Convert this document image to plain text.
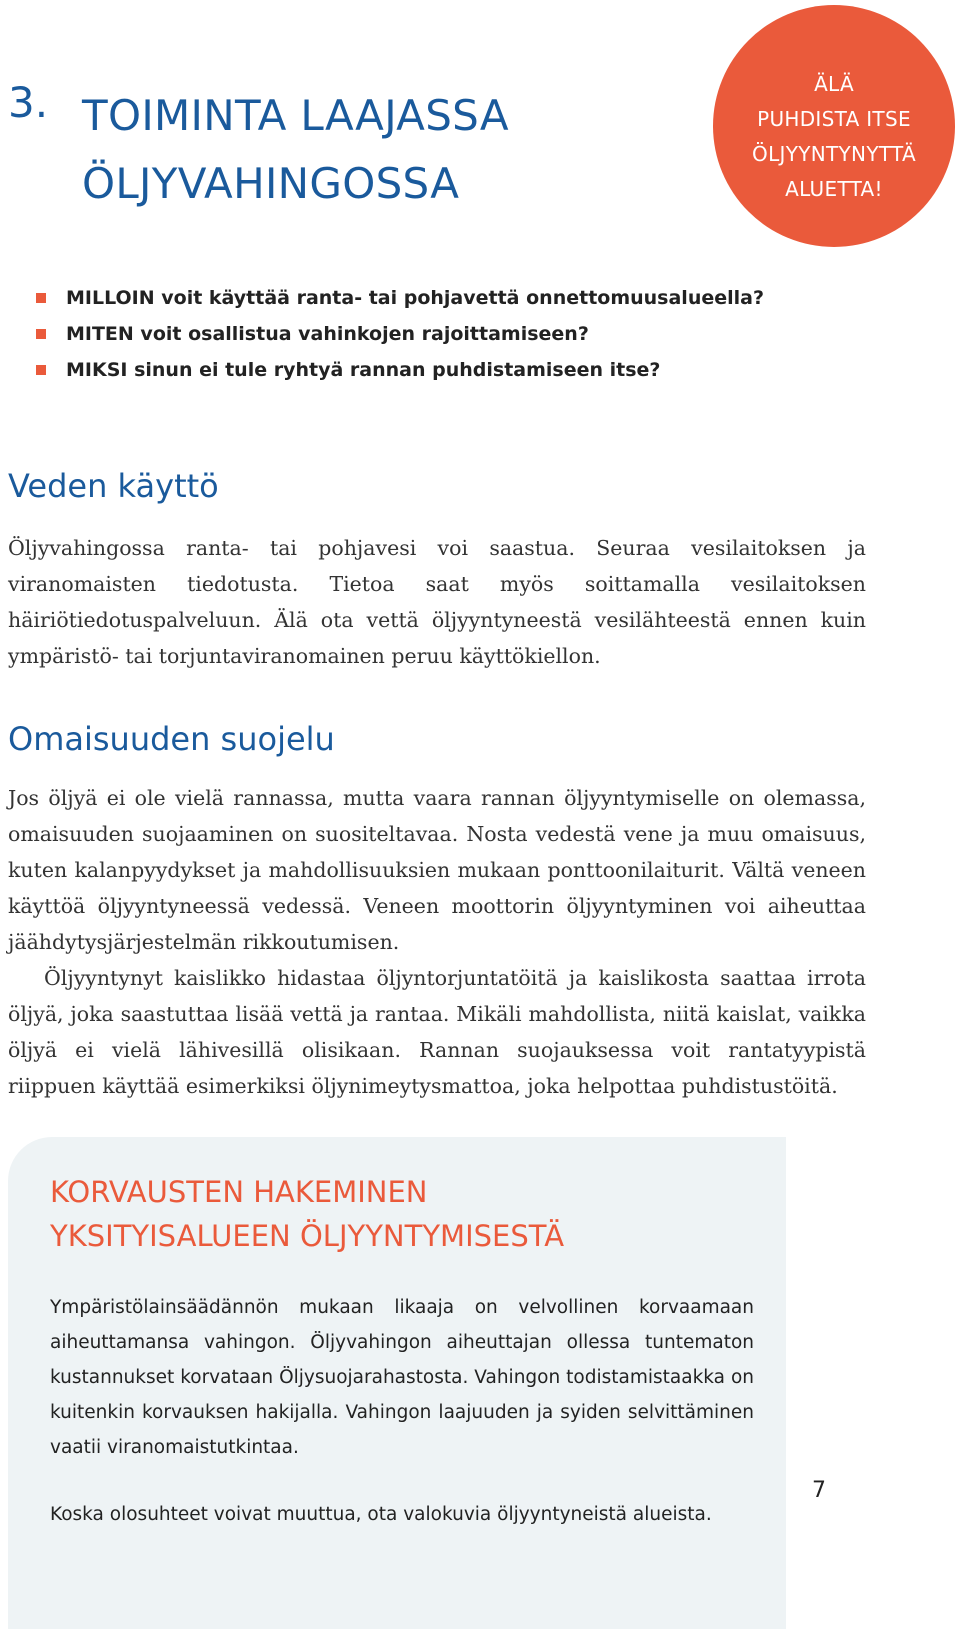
3. TOIMINTA LAAJASSA
ÖLJYVAHINGOSSA
ÄLÄ
PUHDISTA ITSE
ÖLJYYNTYNYTTÄ
ALUETTA!
MILLOIN voit käyttää ranta- tai pohjavettä onnettomuusalueella?
MITEN voit osallistua vahinkojen rajoittamiseen?
MIKSI sinun ei tule ryhtyä rannan puhdistamiseen itse?
Veden käyttö

Öljyvahingossa ranta- tai pohjavesi voi saastua. Seuraa vesilaitoksen ja viranomaisten tiedotusta. Tietoa saat myös soittamalla vesilaitoksen häiriötiedotuspalveluun. Älä ota vettä öljyyntyneestä vesilähteestä ennen kuin ympäristö- tai torjuntaviranomainen peruu käyttökiellon.

Omaisuuden suojelu

Jos öljyä ei ole vielä rannassa, mutta vaara rannan öljyyntymiselle on olemassa, omaisuuden suojaaminen on suositeltavaa. Nosta vedestä vene ja muu omaisuus, kuten kalanpyydykset ja mahdollisuuksien mukaan ponttoonilaiturit. Vältä veneen käyttöä öljyyntyneessä vedessä. Veneen moottorin öljyyntyminen voi aiheuttaa jäähdytysjärjestelmän rikkoutumisen.

Öljyyntynyt kaislikko hidastaa öljyntorjuntatöitä ja kaislikosta saattaa irrota öljyä, joka saastuttaa lisää vettä ja rantaa. Mikäli mahdollista, niitä kaislat, vaikka öljyä ei vielä lähivesillä olisikaan. Rannan suojauksessa voit rantatyypistä riippuen käyttää esimerkiksi öljynimeytysmattoa, joka helpottaa puhdistustöitä.

KORVAUSTEN HAKEMINEN
YKSITYISALUEEN ÖLJYYNTYMISESTÄ

Ympäristölainsäädännön mukaan likaaja on velvollinen korvaamaan aiheuttamansa vahingon. Öljyvahingon aiheuttajan ollessa tuntematon kustannukset korvataan Öljysuojarahastosta. Vahingon todistamistaakka on kuitenkin korvauksen hakijalla. Vahingon laajuuden ja syiden selvittäminen vaatii viranomaistutkintaa.

Koska olosuhteet voivat muuttua, ota valokuvia öljyyntyneistä alueista.

7
